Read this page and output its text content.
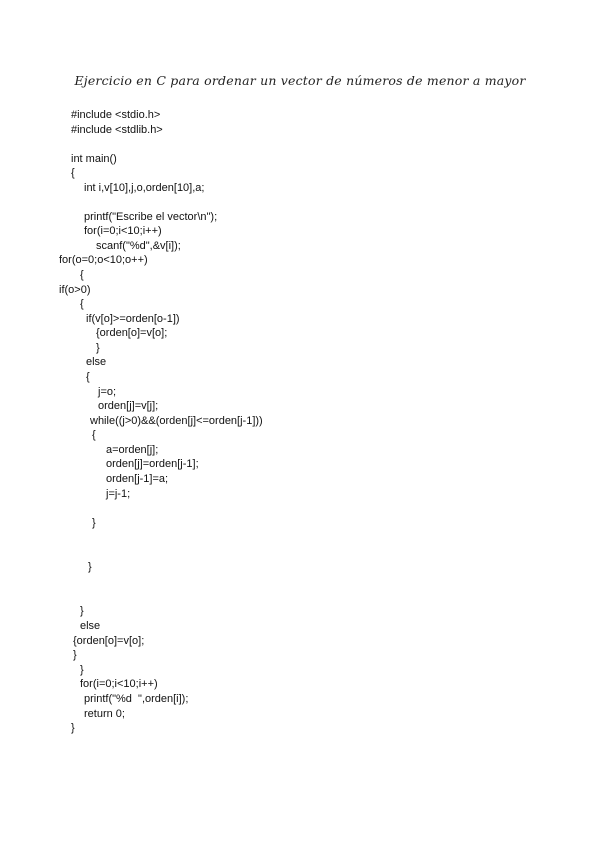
Ejercicio en C para ordenar un vector de números de menor a mayor
#include <stdio.h>
#include <stdlib.h>
int main()
{
int i,v[10],j,o,orden[10],a;
printf("Escribe el vector\n");
for(i=0;i<10;i++)
scanf("%d",&v[i]);
for(o=0;o<10;o++)
{
if(o>0)
{
if(v[o]>=orden[o-1])
{orden[o]=v[o];
}
else
{
j=o;
orden[j]=v[j];
while((j>0)&&(orden[j]<=orden[j-1]))
{
a=orden[j];
orden[j]=orden[j-1];
orden[j-1]=a;
j=j-1;
}
}
}
else
{orden[o]=v[o];
}
}
for(i=0;i<10;i++)
printf("%d  ",orden[i]);
return 0;
}
